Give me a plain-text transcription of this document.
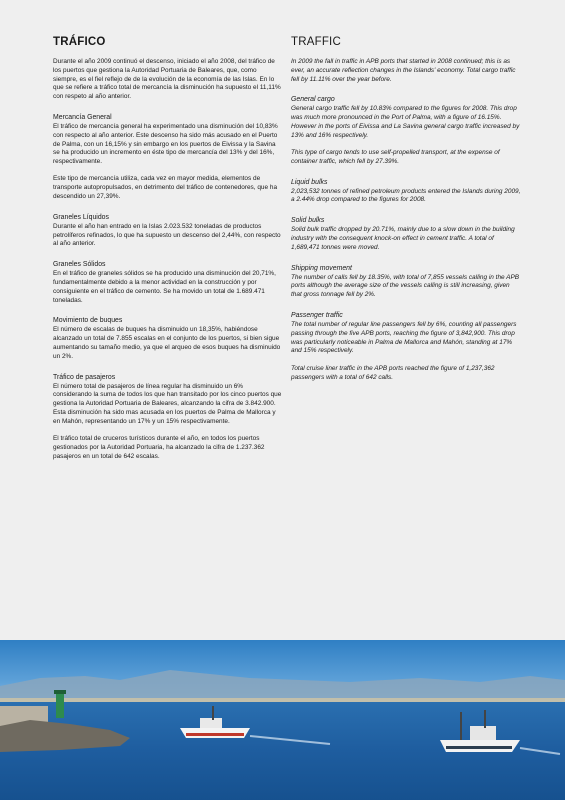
TRÁFICO

Durante el año 2009 continuó el descenso, iniciado el año 2008, del tráfico de los puertos que gestiona la Autoridad Portuaria de Baleares, que, como siempre, es el fiel reflejo de de la evolución de la economía de las Islas. En lo que se refiere a tráfico total de mercancía la disminución ha supuesto el 11,11% con respeto al año anterior.

Mercancía General

El tráfico de mercancía general ha experimentado una disminución del 10,83% con respecto al año anterior. Este descenso ha sido más acusado en el Puerto de Palma, con un 16,15% y sin embargo en los puertos de Eivissa y la Savina se ha producido un incremento en éste tipo de mercancía del 13% y del 16%, respectivamente.

Este tipo de mercancía utiliza, cada vez en mayor medida, elementos de transporte autopropulsados, en detrimento del tráfico de contenedores, que ha descendido un 27,39%.

Graneles Líquidos

Durante el año han entrado en la Islas 2.023.532 toneladas de productos petrolíferos refinados, lo que ha supuesto un descenso del 2,44%, con respecto al año anterior.

Graneles Sólidos

En el tráfico de graneles sólidos se ha producido una disminución del 20,71%, fundamentalmente debido a la menor actividad en la construcción y por consiguiente en el tráfico de cemento. Se ha movido un total de 1.689.471 toneladas.

Movimiento de buques

El número de escalas de buques ha disminuido un 18,35%, habiéndose alcanzado un total de 7.855 escalas en el conjunto de los puertos, si bien sigue aumentando su tamaño medio, ya que el arqueo de esos buques ha disminuido un 2%.

Tráfico de pasajeros

El número total de pasajeros de línea regular ha disminuido un 6% considerando la suma de todos los que han transitado por los cinco puertos que gestiona la Autoridad Portuaria de Baleares, alcanzando la cifra de 3.842.900. Esta disminución ha sido mas acusada en los puertos de Palma de Mallorca y en Mahón, representando un 17% y un 15% respectivamente.

El tráfico total de cruceros turísticos durante el año, en todos los puertos gestionados por la Autoridad Portuaria, ha alcanzado la cifra de 1.237.362 pasajeros en un total de 642 escalas.

TRAFFIC

In 2009 the fall in traffic in APB ports that started in 2008 continued; this is as ever, an accurate reflection changes in the Islands' economy. Total cargo traffic fell by 11.11% over the year before.

General cargo

General cargo traffic fell by 10.83% compared to the figures for 2008. This drop was much more pronounced in the Port of Palma, with a figure of 16.15%. However in the ports of Eivissa and La Savina general cargo traffic increased by 13% and 16% respectively.

This type of cargo tends to use self-propelled transport, at the expense of container traffic, which fell by 27.39%.

Liquid bulks

2,023,532 tonnes of refined petroleum products entered the Islands during 2009, a 2.44% drop compared to the figures for 2008.

Solid bulks

Solid bulk traffic dropped by 20.71%, mainly due to a slow down in the building industry with the consequent knock-on effect in cement traffic. A total of 1,689,471 tonnes were moved.

Shipping movement

The number of calls fell by 18.35%, with total of 7,855 vessels calling in the APB ports although the average size of the vessels calling is still increasing, given that gross tonnage fell by 2%.

Passenger traffic

The total number of regular line passengers fell by 6%, counting all passengers passing through the five APB ports, reaching the figure of 3,842,900. This drop was particularly noticeable in Palma de Mallorca and Mahón, standing at 17% and 15% respectively.

Total cruise liner traffic in the APB ports reached the figure of 1,237,362 passengers with a total of 642 calls.
